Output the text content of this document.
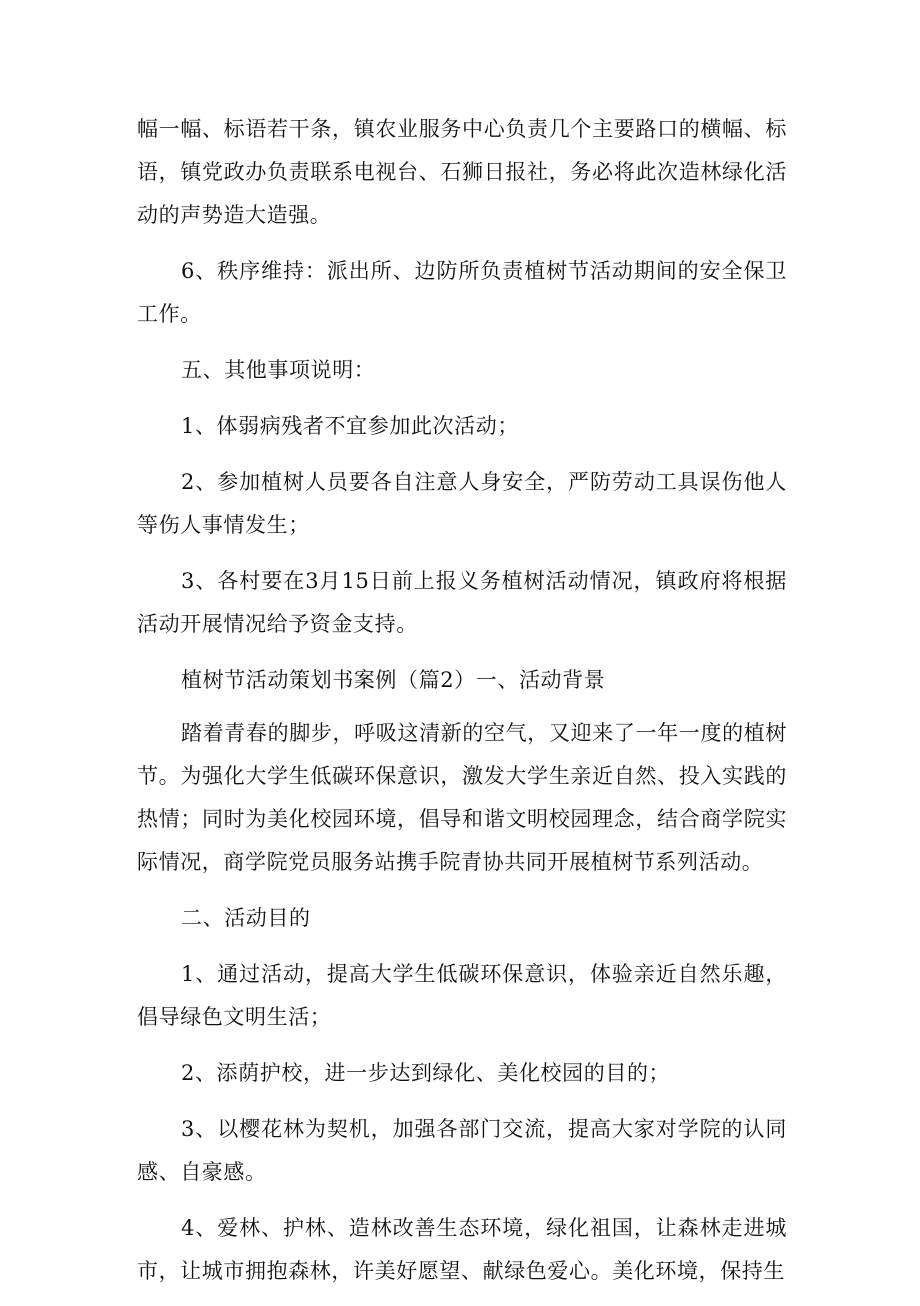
幅一幅、标语若干条，镇农业服务中心负责几个主要路口的横幅、标语，镇党政办负责联系电视台、石狮日报社，务必将此次造林绿化活动的声势造大造强。

6、秩序维持：派出所、边防所负责植树节活动期间的安全保卫工作。

五、其他事项说明：

1、体弱病残者不宜参加此次活动；

2、参加植树人员要各自注意人身安全，严防劳动工具误伤他人等伤人事情发生；

3、各村要在3月15日前上报义务植树活动情况，镇政府将根据活动开展情况给予资金支持。

植树节活动策划书案例（篇2）一、活动背景

踏着青春的脚步，呼吸这清新的空气，又迎来了一年一度的植树节。为强化大学生低碳环保意识，激发大学生亲近自然、投入实践的热情；同时为美化校园环境，倡导和谐文明校园理念，结合商学院实际情况，商学院党员服务站携手院青协共同开展植树节系列活动。

二、活动目的

1、通过活动，提高大学生低碳环保意识，体验亲近自然乐趣，倡导绿色文明生活；

2、添荫护校，进一步达到绿化、美化校园的目的；

3、以樱花林为契机，加强各部门交流，提高大家对学院的认同感、自豪感。

4、爱林、护林、造林改善生态环境，绿化祖国，让森林走进城市，让城市拥抱森林，许美好愿望、献绿色爱心。美化环境，保持生
